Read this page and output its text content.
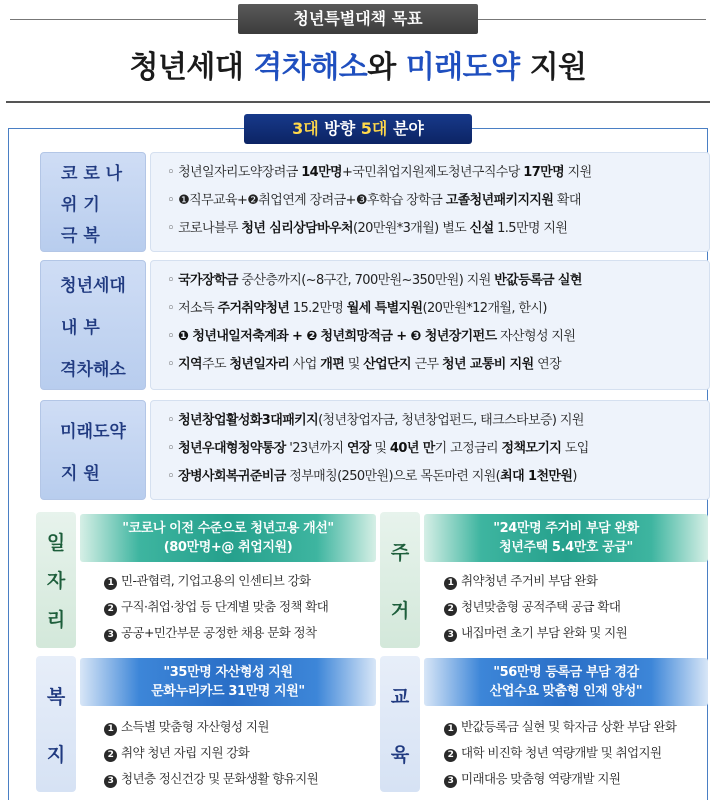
청년특별대책 목표
청년세대 격차해소와 미래도약 지원
3대 방향 5대 분야
코 로 나
위 기
극 복
◦ 청년일자리도약장려금 14만명+국민취업지원제도청년구직수당 17만명 지원
◦ ❶직무교육+❷취업연계 장려금+❸후학습 장학금 고졸청년패키지지원 확대
◦ 코로나블루 청년 심리상담바우처(20만원*3개월) 별도 신설 1.5만명 지원
청년세대
내 부
격차해소
◦ 국가장학금 중산층까지(~8구간, 700만원~350만원) 지원 반값등록금 실현
◦ 저소득 주거취약청년 15.2만명 월세 특별지원(20만원*12개월, 한시)
◦ ❶ 청년내일저축계좌 + ❷ 청년희망적금 + ❸ 청년장기펀드 자산형성 지원
◦ 지역주도 청년일자리 사업 개편 및 산업단지 근무 청년 교통비 지원 연장
미래도약
지 원
◦ 청년창업활성화3대패키지(청년창업자금, 청년창업펀드, 태크스타보증) 지원
◦ 청년우대형청약통장 '23년까지 연장 및 40년 만기 고정금리 정책모기지 도입
◦ 장병사회복귀준비금 정부매칭(250만원)으로 목돈마련 지원(최대 1천만원)
일
자
리
"코로나 이전 수준으로 청년고용 개선"
(80만명+@ 취업지원)
1 민-관협력, 기업고용의 인센티브 강화
2 구직·취업·창업 등 단계별 맞춤 정책 확대
3 공공+민간부문 공정한 채용 문화 정착
주
거
"24만명 주거비 부담 완화
청년주택 5.4만호 공급"
1 취약청년 주거비 부담 완화
2 청년맞춤형 공적주택 공급 확대
3 내집마련 초기 부담 완화 및 지원
복
지
"35만명 자산형성 지원
문화누리카드 31만명 지원"
1 소득별 맞춤형 자산형성 지원
2 취약 청년 자립 지원 강화
3 청년층 정신건강 및 문화생활 향유지원
교
육
"56만명 등록금 부담 경감
산업수요 맞춤형 인재 양성"
1 반값등록금 실현 및 학자금 상환 부담 완화
2 대학 비진학 청년 역량개발 및 취업지원
3 미래대응 맞춤형 역량개발 지원
